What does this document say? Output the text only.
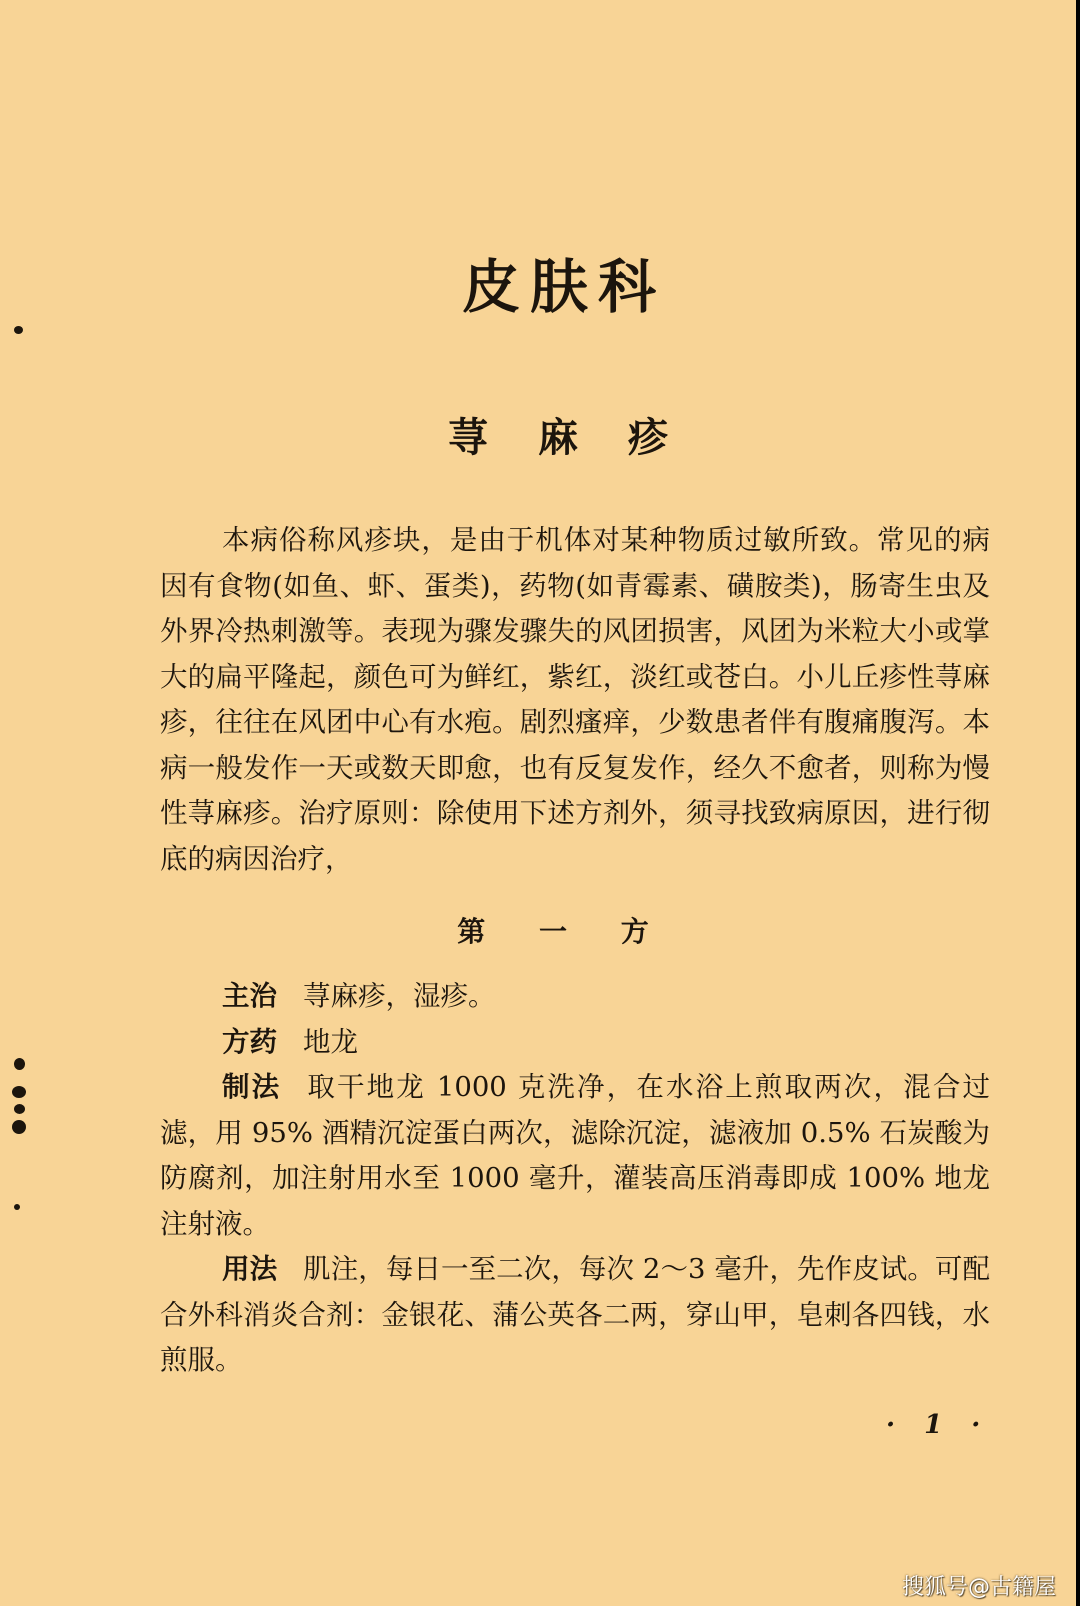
皮肤科
荨 麻 疹

本病俗称风疹块，是由于机体对某种物质过敏所致。常见的病因有食物(如鱼、虾、蛋类)，药物(如青霉素、磺胺类)，肠寄生虫及外界冷热刺激等。表现为骤发骤失的风团损害，风团为米粒大小或掌大的扁平隆起，颜色可为鲜红，紫红，淡红或苍白。小儿丘疹性荨麻疹，往往在风团中心有水疱。剧烈瘙痒，少数患者伴有腹痛腹泻。本病一般发作一天或数天即愈，也有反复发作，经久不愈者，则称为慢性荨麻疹。治疗原则：除使用下述方剂外，须寻找致病原因，进行彻底的病因治疗，

第 一 方

主治 荨麻疹，湿疹。

方药 地龙

制法 取干地龙 1000 克洗净，在水浴上煎取两次，混合过滤，用 95% 酒精沉淀蛋白两次，滤除沉淀，滤液加 0.5% 石炭酸为防腐剂，加注射用水至 1000 毫升，灌装高压消毒即成 100% 地龙注射液。

用法 肌注，每日一至二次，每次 2～3 毫升，先作皮试。可配合外科消炎合剂：金银花、蒲公英各二两，穿山甲，皂刺各四钱，水煎服。

· 1 ·
搜狐号@古籍屋
